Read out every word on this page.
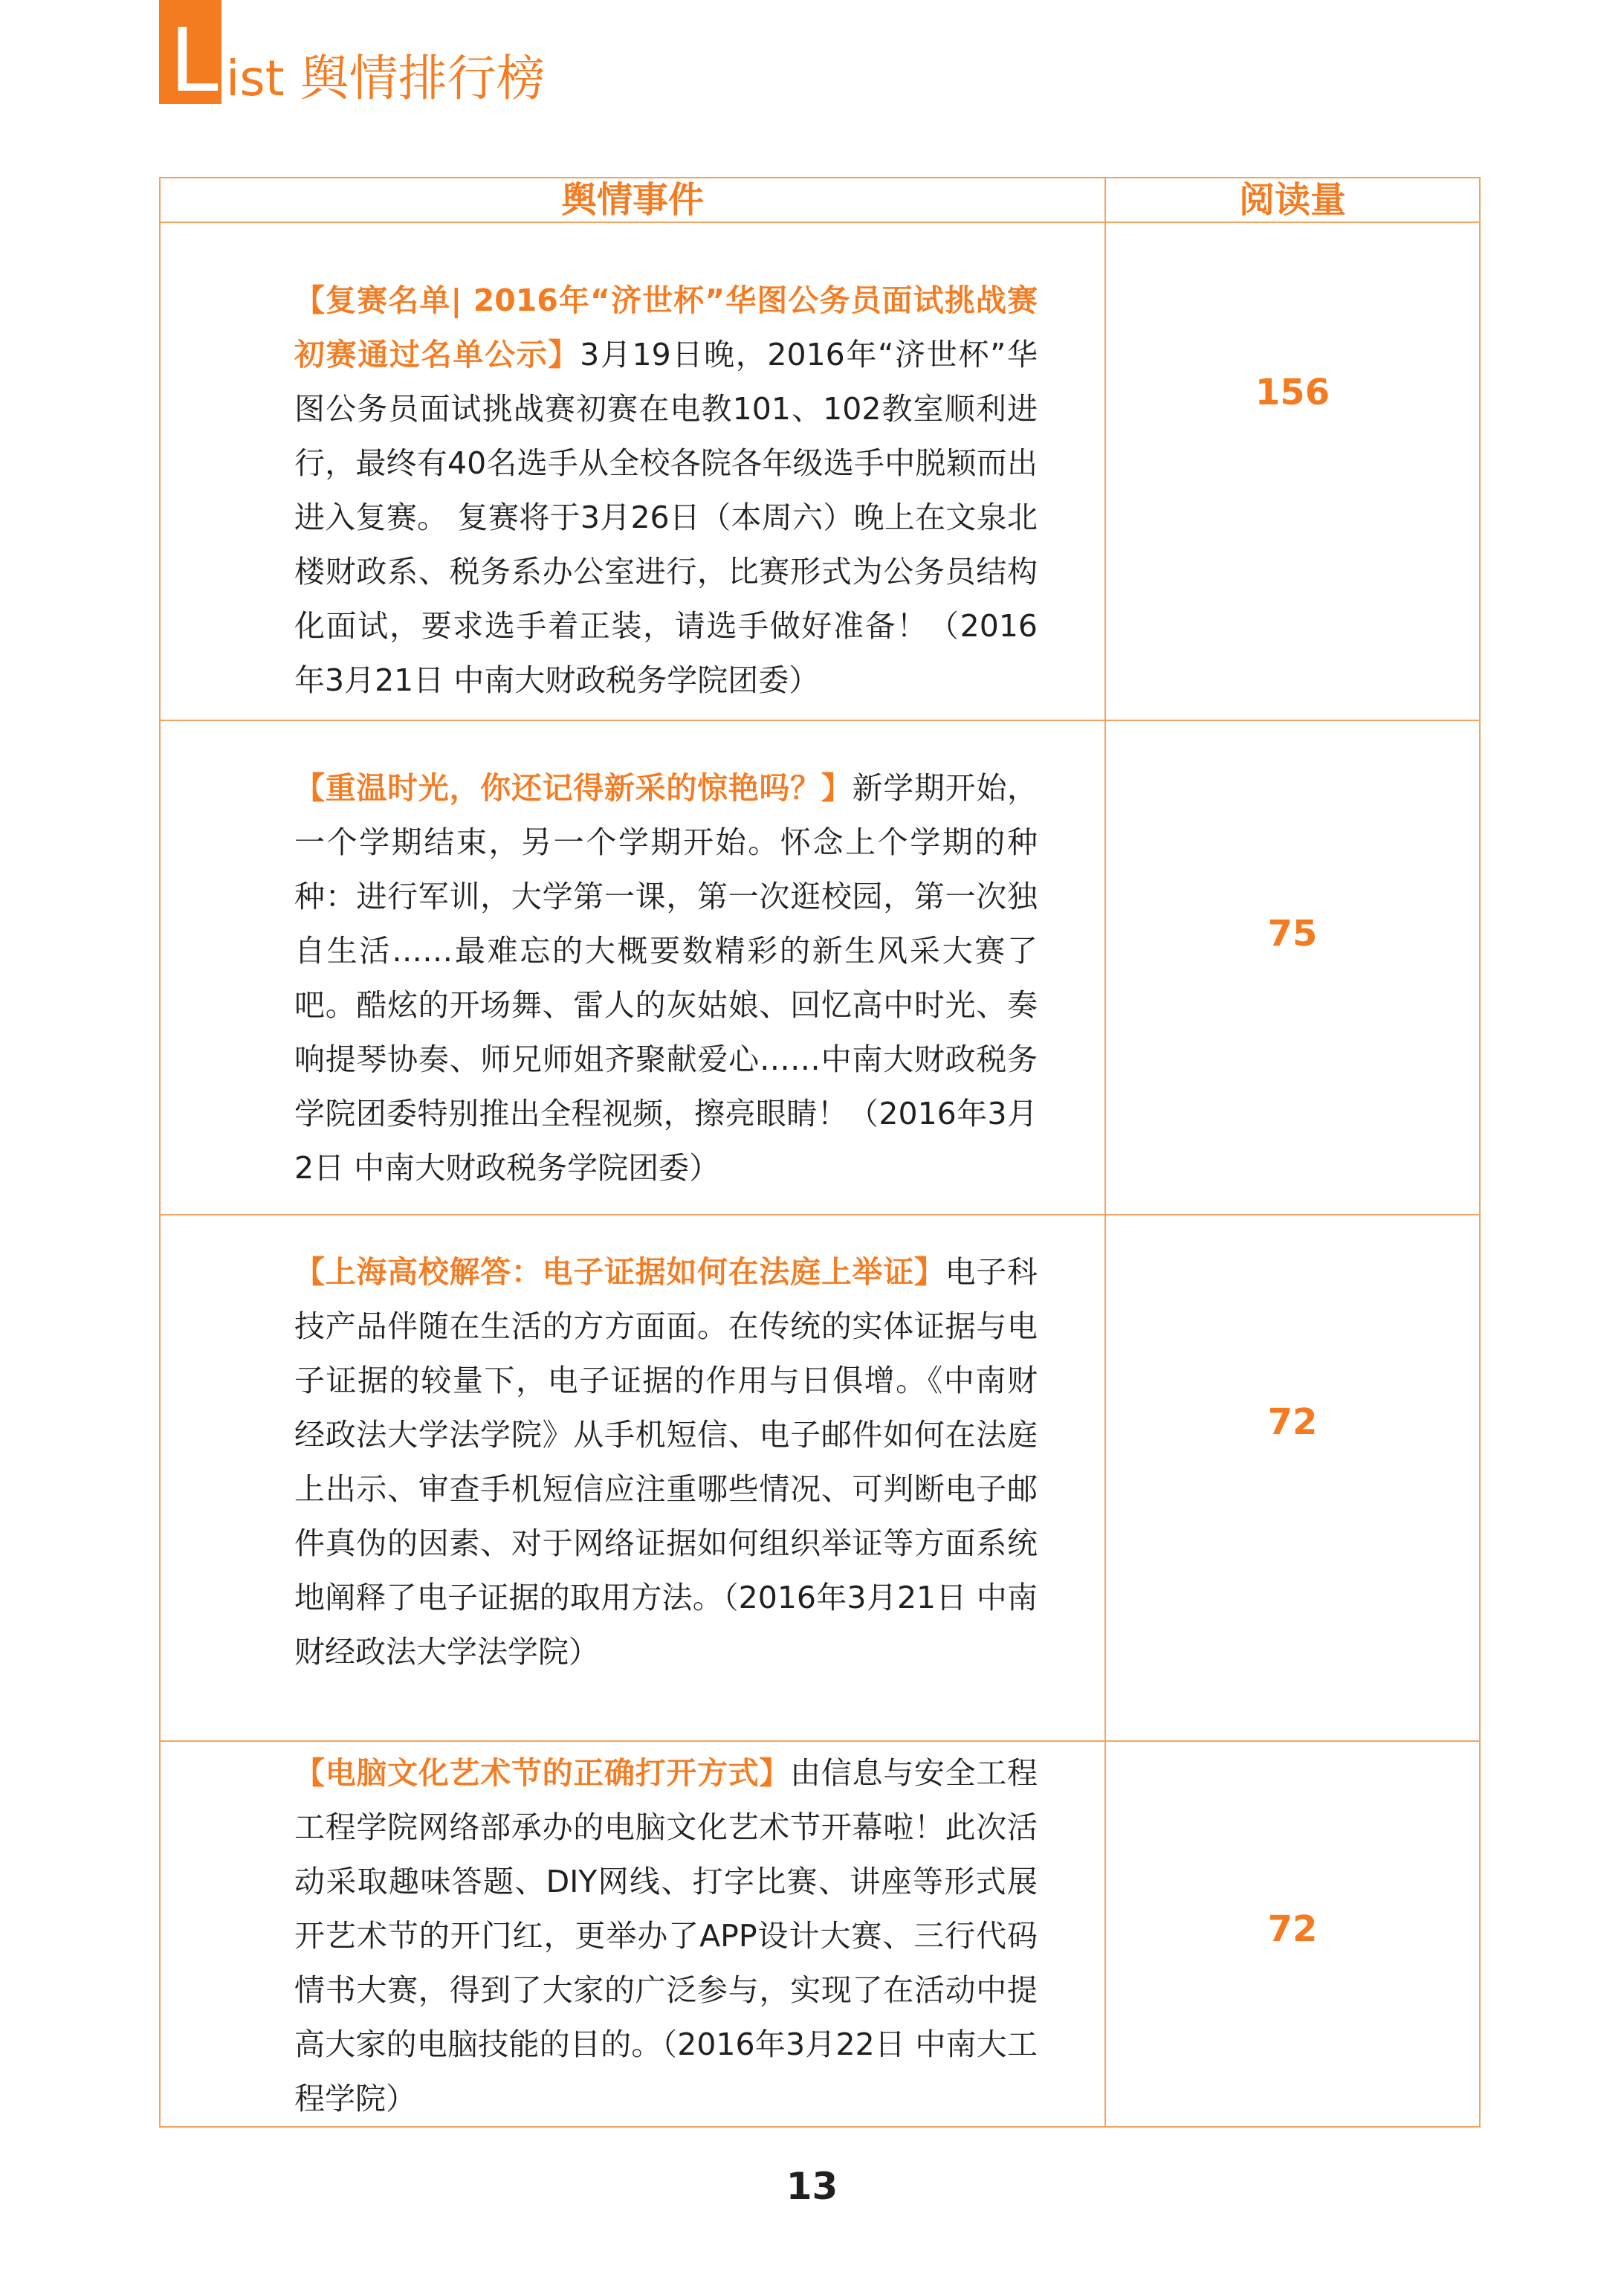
L ist 舆情排行榜
舆情事件	阅读量

【复赛名单| 2016年“济世杯”华图公务员面试挑战赛初赛通过名单公示】3月19日晚，2016年“济世杯”华图公务员面试挑战赛初赛在电教101、102教室顺利进行，最终有40名选手从全校各院各年级选手中脱颖而出进入复赛。 复赛将于3月26日（本周六）晚上在文泉北楼财政系、税务系办公室进行，比赛形式为公务员结构化面试，要求选手着正装，请选手做好准备！（2016年3月21日 中南大财政税务学院团委）	156

【重温时光，你还记得新采的惊艳吗？】新学期开始，一个学期结束，另一个学期开始。怀念上个学期的种种：进行军训，大学第一课，第一次逛校园，第一次独自生活……最难忘的大概要数精彩的新生风采大赛了吧。酷炫的开场舞、雷人的灰姑娘、回忆高中时光、奏响提琴协奏、师兄师姐齐聚献爱心……中南大财政税务学院团委特别推出全程视频，擦亮眼睛！（2016年3月2日 中南大财政税务学院团委）	75

【上海高校解答：电子证据如何在法庭上举证】电子科技产品伴随在生活的方方面面。在传统的实体证据与电子证据的较量下，电子证据的作用与日俱增。《中南财经政法大学法学院》从手机短信、电子邮件如何在法庭上出示、审查手机短信应注重哪些情况、可判断电子邮件真伪的因素、对于网络证据如何组织举证等方面系统地阐释了电子证据的取用方法。（2016年3月21日 中南财经政法大学法学院）	72

【电脑文化艺术节的正确打开方式】由信息与安全工程工程学院网络部承办的电脑文化艺术节开幕啦！此次活动采取趣味答题、DIY网线、打字比赛、讲座等形式展开艺术节的开门红，更举办了APP设计大赛、三行代码情书大赛，得到了大家的广泛参与，实现了在活动中提高大家的电脑技能的目的。（2016年3月22日 中南大工程学院）	72
13
